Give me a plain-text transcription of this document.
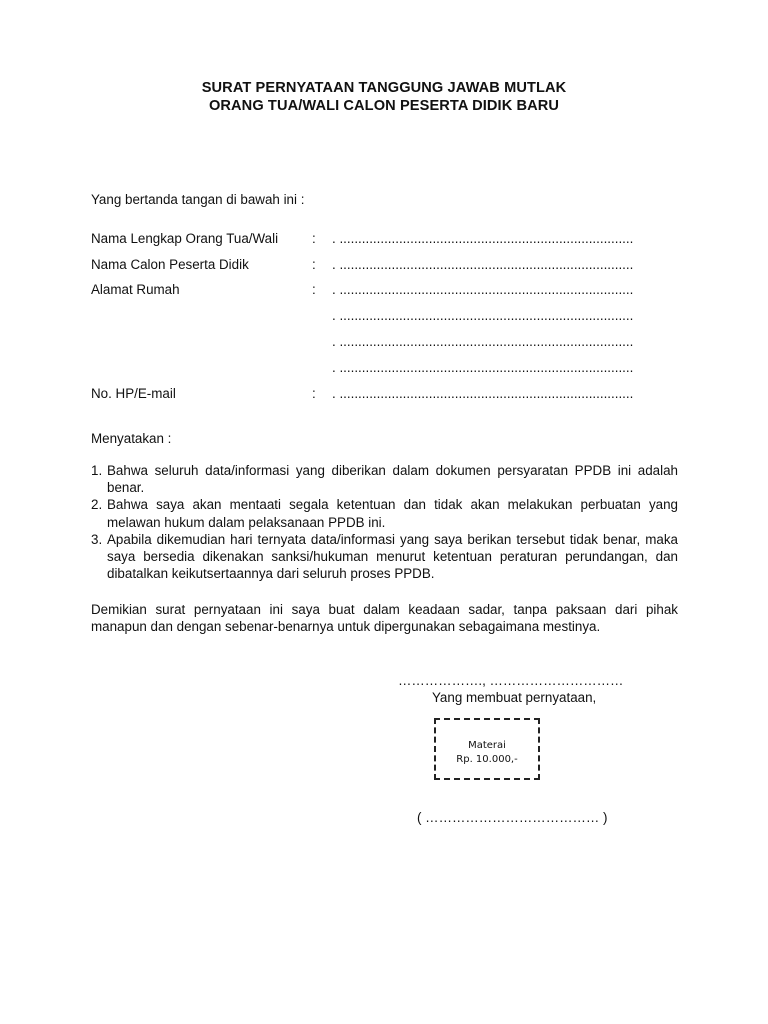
SURAT PERNYATAAN TANGGUNG JAWAB MUTLAK
ORANG TUA/WALI CALON PESERTA DIDIK BARU
Yang bertanda tangan di bawah ini :
Nama Lengkap Orang Tua/Wali	: . ...............................................................................
Nama Calon Peserta Didik	: . ...............................................................................
Alamat Rumah	: . ...............................................................................
. ...............................................................................
. ...............................................................................
. ...............................................................................
No. HP/E-mail	: . ...............................................................................
Menyatakan :
1. Bahwa seluruh data/informasi yang diberikan dalam dokumen persyaratan PPDB ini adalah benar.
2. Bahwa saya akan mentaati segala ketentuan dan tidak akan melakukan perbuatan yang melawan hukum dalam pelaksanaan PPDB ini.
3. Apabila dikemudian hari ternyata data/informasi yang saya berikan tersebut tidak benar, maka saya bersedia dikenakan sanksi/hukuman menurut ketentuan peraturan perundangan, dan dibatalkan keikutsertaannya dari seluruh proses PPDB.
Demikian surat pernyataan ini saya buat dalam keadaan sadar, tanpa paksaan dari pihak manapun dan dengan sebenar-benarnya untuk dipergunakan sebagaimana mestinya.
………………., …………………………
Yang membuat pernyataan,
Materai
Rp. 10.000,-
( ………………………………… )
